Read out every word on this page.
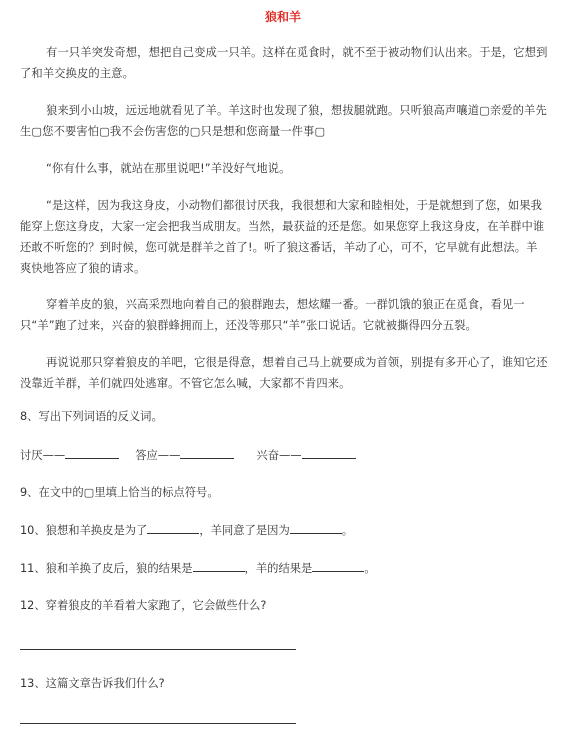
狼和羊

有一只羊突发奇想，想把自己变成一只羊。这样在觅食时，就不至于被动物们认出来。于是，它想到了和羊交换皮的主意。

狼来到小山坡，远远地就看见了羊。羊这时也发现了狼，想拔腿就跑。只听狼高声嚷道▢亲爱的羊先生▢您不要害怕▢我不会伤害您的▢只是想和您商量一件事▢

“你有什么事，就站在那里说吧!”羊没好气地说。

“是这样，因为我这身皮，小动物们都很讨厌我，我很想和大家和睦相处，于是就想到了您，如果我能穿上您这身皮，大家一定会把我当成朋友。当然，最获益的还是您。如果您穿上我这身皮，在羊群中谁还敢不听您的？到时候，您可就是群羊之首了!。听了狼这番话，羊动了心，可不，它早就有此想法。羊爽快地答应了狼的请求。

穿着羊皮的狼，兴高采烈地向着自己的狼群跑去，想炫耀一番。一群饥饿的狼正在觅食，看见一只“羊”跑了过来，兴奋的狼群蜂拥而上，还没等那只“羊”张口说话。它就被撕得四分五裂。

再说说那只穿着狼皮的羊吧，它很是得意，想着自己马上就要成为首领，别提有多开心了，谁知它还没靠近羊群，羊们就四处逃窜。不管它怎么喊，大家都不肯四来。

8、写出下列词语的反义词。

讨厌——	答应——	兴奋——

9、在文中的▢里填上恰当的标点符号。

10、狼想和羊换皮是为了	，羊同意了是因为	。

11、狼和羊换了皮后，狼的结果是	，羊的结果是	。

12、穿着狼皮的羊看着大家跑了，它会做些什么?

13、这篇文章告诉我们什么?
